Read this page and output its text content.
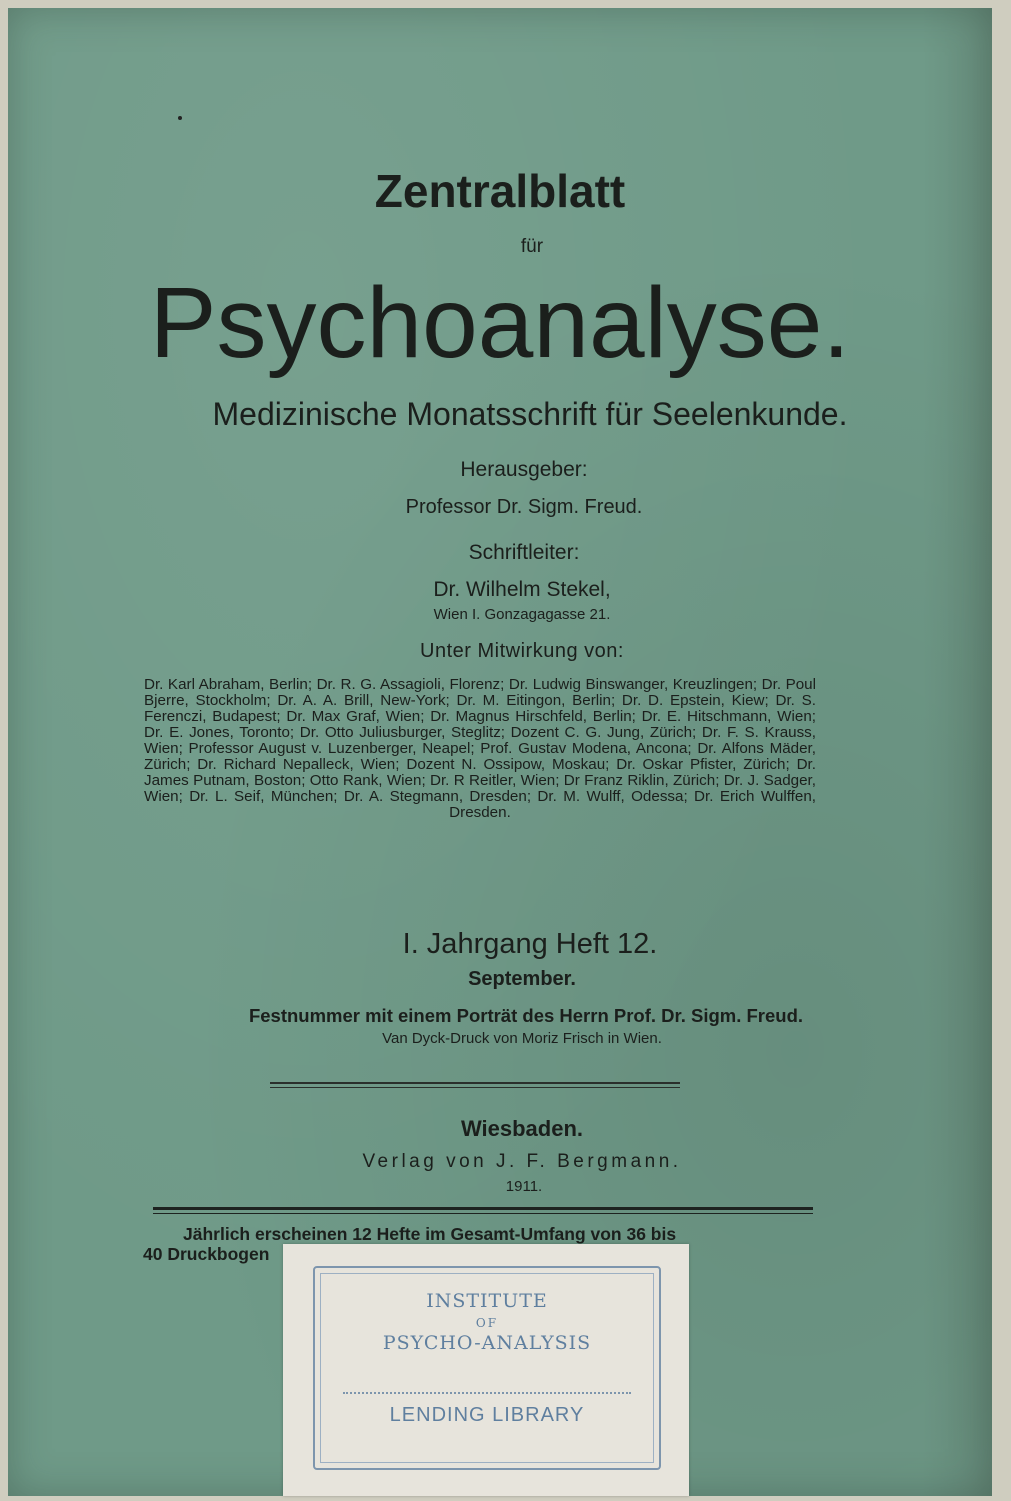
Zentralblatt
für
Psychoanalyse.
Medizinische Monatsschrift für Seelenkunde.
Herausgeber:
Professor Dr. Sigm. Freud.
Schriftleiter:
Dr. Wilhelm Stekel,
Wien I. Gonzagagasse 21.
Unter Mitwirkung von:
Dr. Karl Abraham, Berlin; Dr. R. G. Assagioli, Florenz; Dr. Ludwig Binswanger, Kreuzlingen; Dr. Poul Bjerre, Stockholm; Dr. A. A. Brill, New-York; Dr. M. Eitingon, Berlin; Dr. D. Epstein, Kiew; Dr. S. Ferenczi, Budapest; Dr. Max Graf, Wien; Dr. Magnus Hirschfeld, Berlin; Dr. E. Hitschmann, Wien; Dr. E. Jones, Toronto; Dr. Otto Juliusburger, Steglitz; Dozent C. G. Jung, Zürich; Dr. F. S. Krauss, Wien; Professor August v. Luzenberger, Neapel; Prof. Gustav Modena, Ancona; Dr. Alfons Mäder, Zürich; Dr. Richard Nepalleck, Wien; Dozent N. Ossipow, Moskau; Dr. Oskar Pfister, Zürich; Dr. James Putnam, Boston; Otto Rank, Wien; Dr. R Reitler, Wien; Dr Franz Riklin, Zürich; Dr. J. Sadger, Wien; Dr. L. Seif, München; Dr. A. Stegmann, Dresden; Dr. M. Wulff, Odessa; Dr. Erich Wulffen, Dresden.
I. Jahrgang Heft 12.
September.
Festnummer mit einem Porträt des Herrn Prof. Dr. Sigm. Freud.
Van Dyck-Druck von Moriz Frisch in Wien.
Wiesbaden.
Verlag von J. F. Bergmann.
1911.
Jährlich erscheinen 12 Hefte im Gesamt-Umfang von 36 bis
40 Druckbogen
INSTITUTE
OF
PSYCHO-ANALYSIS
LENDING LIBRARY
